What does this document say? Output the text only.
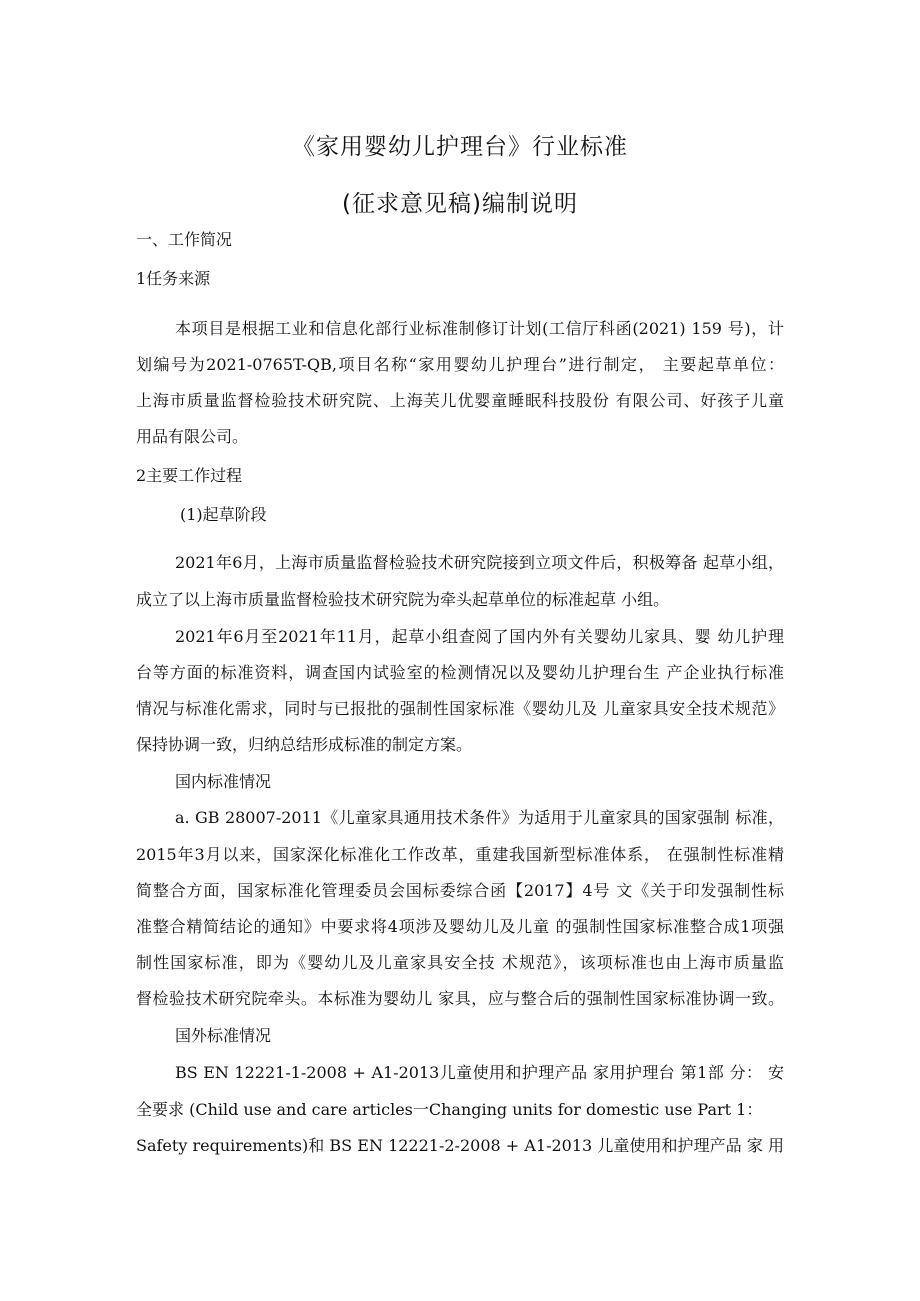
《家用婴幼儿护理台》行业标准
(征求意见稿)编制说明
一、工作简况
1任务来源
本项目是根据工业和信息化部行业标准制修订计划(工信厅科函(2021) 159 号)，计
划编号为2021-0765T-QB,项目名称“家用婴幼儿护理台”进行制定， 主要起草单位：
上海市质量监督检验技术研究院、上海芙儿优婴童睡眠科技股份 有限公司、好孩子儿童
用品有限公司。
2主要工作过程
(1)起草阶段
2021年6月，上海市质量监督检验技术研究院接到立项文件后，积极筹备 起草小组，
成立了以上海市质量监督检验技术研究院为牵头起草单位的标准起草 小组。
2021年6月至2021年11月，起草小组查阅了国内外有关婴幼儿家具、婴 幼儿护理
台等方面的标准资料，调查国内试验室的检测情况以及婴幼儿护理台生 产企业执行标准
情况与标准化需求，同时与已报批的强制性国家标准《婴幼儿及 儿童家具安全技术规范》
保持协调一致，归纳总结形成标准的制定方案。
国内标准情况
a. GB 28007-2011《儿童家具通用技术条件》为适用于儿童家具的国家强制 标准，
2015年3月以来，国家深化标准化工作改革，重建我国新型标准体系， 在强制性标准精
简整合方面，国家标准化管理委员会国标委综合函【2017】4号 文《关于印发强制性标
准整合精简结论的通知》中要求将4项涉及婴幼儿及儿童 的强制性国家标准整合成1项强
制性国家标准，即为《婴幼儿及儿童家具安全技 术规范》，该项标准也由上海市质量监
督检验技术研究院牵头。本标准为婴幼儿 家具，应与整合后的强制性国家标准协调一致。
国外标准情况
BS EN 12221-1-2008 + A1-2013儿童使用和护理产品 家用护理台 第1部 分： 安
全要求 (Child use and care articles一Changing units for domestic use Part 1：
Safety requirements)和 BS EN 12221-2-2008 + A1-2013 儿童使用和护理产品 家 用
